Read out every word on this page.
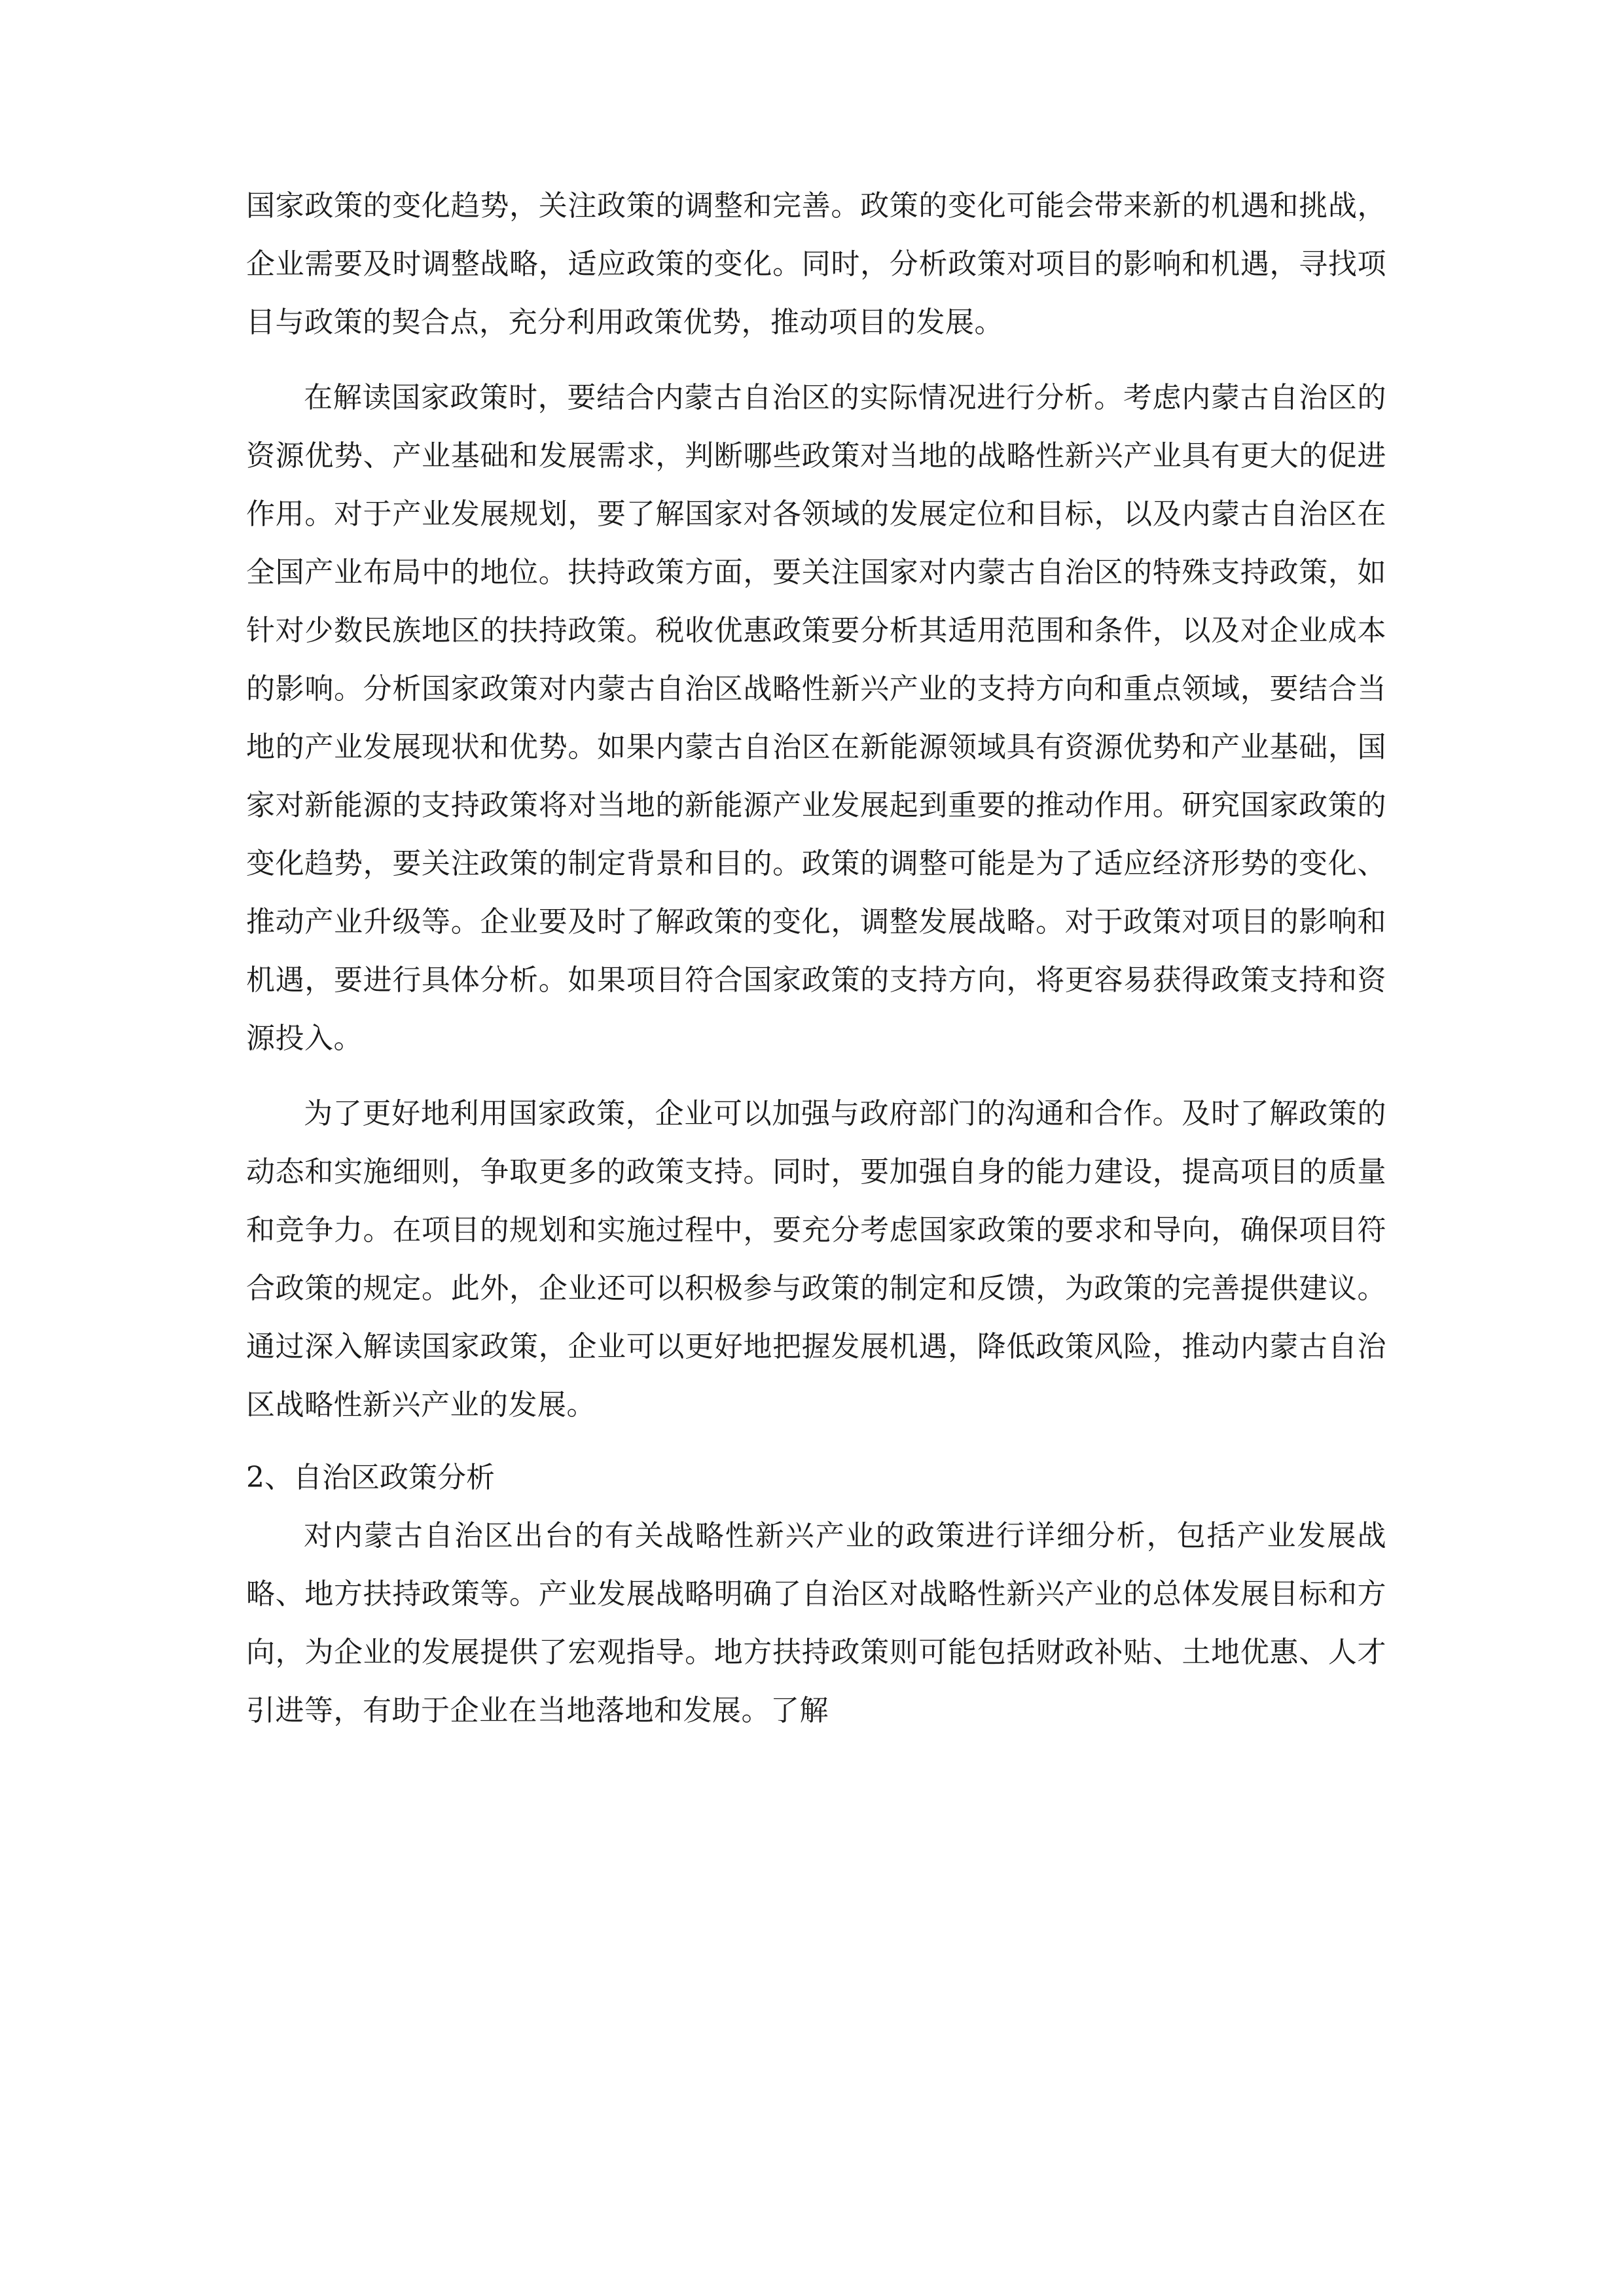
国家政策的变化趋势，关注政策的调整和完善。政策的变化可能会带来新的机遇和挑战，企业需要及时调整战略，适应政策的变化。同时，分析政策对项目的影响和机遇，寻找项目与政策的契合点，充分利用政策优势，推动项目的发展。

在解读国家政策时，要结合内蒙古自治区的实际情况进行分析。考虑内蒙古自治区的资源优势、产业基础和发展需求，判断哪些政策对当地的战略性新兴产业具有更大的促进作用。对于产业发展规划，要了解国家对各领域的发展定位和目标，以及内蒙古自治区在全国产业布局中的地位。扶持政策方面，要关注国家对内蒙古自治区的特殊支持政策，如针对少数民族地区的扶持政策。税收优惠政策要分析其适用范围和条件，以及对企业成本的影响。分析国家政策对内蒙古自治区战略性新兴产业的支持方向和重点领域，要结合当地的产业发展现状和优势。如果内蒙古自治区在新能源领域具有资源优势和产业基础，国家对新能源的支持政策将对当地的新能源产业发展起到重要的推动作用。研究国家政策的变化趋势，要关注政策的制定背景和目的。政策的调整可能是为了适应经济形势的变化、推动产业升级等。企业要及时了解政策的变化，调整发展战略。对于政策对项目的影响和机遇，要进行具体分析。如果项目符合国家政策的支持方向，将更容易获得政策支持和资源投入。

为了更好地利用国家政策，企业可以加强与政府部门的沟通和合作。及时了解政策的动态和实施细则，争取更多的政策支持。同时，要加强自身的能力建设，提高项目的质量和竞争力。在项目的规划和实施过程中，要充分考虑国家政策的要求和导向，确保项目符合政策的规定。此外，企业还可以积极参与政策的制定和反馈，为政策的完善提供建议。通过深入解读国家政策，企业可以更好地把握发展机遇，降低政策风险，推动内蒙古自治区战略性新兴产业的发展。

2、自治区政策分析

对内蒙古自治区出台的有关战略性新兴产业的政策进行详细分析，包括产业发展战略、地方扶持政策等。产业发展战略明确了自治区对战略性新兴产业的总体发展目标和方向，为企业的发展提供了宏观指导。地方扶持政策则可能包括财政补贴、土地优惠、人才引进等，有助于企业在当地落地和发展。了解
